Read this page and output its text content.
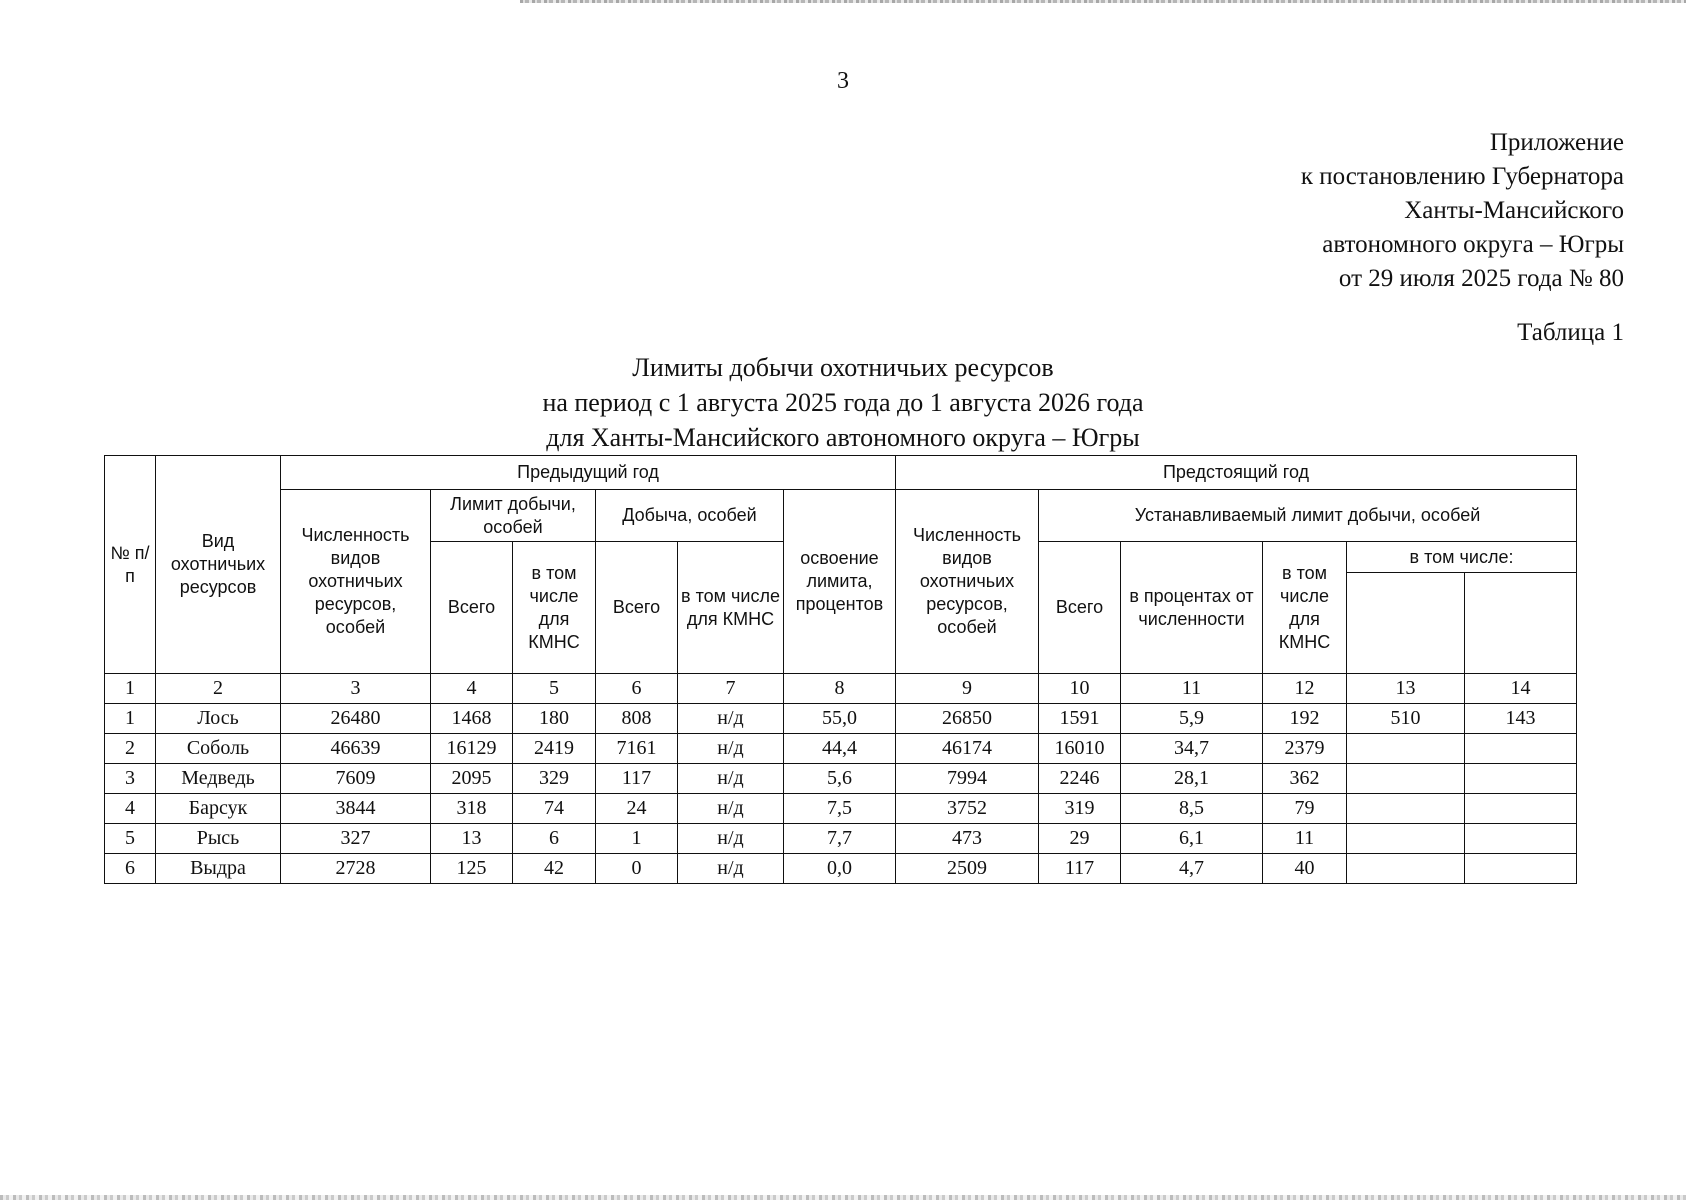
3
Приложение
к постановлению Губернатора
Ханты-Мансийского
автономного округа – Югры
от 29 июля 2025 года № 80
Таблица 1
Лимиты добычи охотничьих ресурсов
на период с 1 августа 2025 года до 1 августа 2026 года
для Ханты-Мансийского автономного округа – Югры
№ п/п	Вид охотничьих ресурсов	Предыдущий год						Предстоящий год					
		Численность видов охотничьих ресурсов, особей	Лимит добычи, особей		Добыча, особей		освоение лимита, процентов	Численность видов охотничьих ресурсов, особей	Устанавливаемый лимит добычи, особей				
			Всего	в том числе для КМНС	Всего	в том числе для КМНС			Всего	в процентах от численности	в том числе для КМНС	в том числе:	

1	2	3	4	5	6	7	8	9	10	11	12	13	14
1	Лось	26480	1468	180	808	н/д	55,0	26850	1591	5,9	192	510	143
2	Соболь	46639	16129	2419	7161	н/д	44,4	46174	16010	34,7	2379		
3	Медведь	7609	2095	329	117	н/д	5,6	7994	2246	28,1	362		
4	Барсук	3844	318	74	24	н/д	7,5	3752	319	8,5	79		
5	Рысь	327	13	6	1	н/д	7,7	473	29	6,1	11		
6	Выдра	2728	125	42	0	н/д	0,0	2509	117	4,7	40		
